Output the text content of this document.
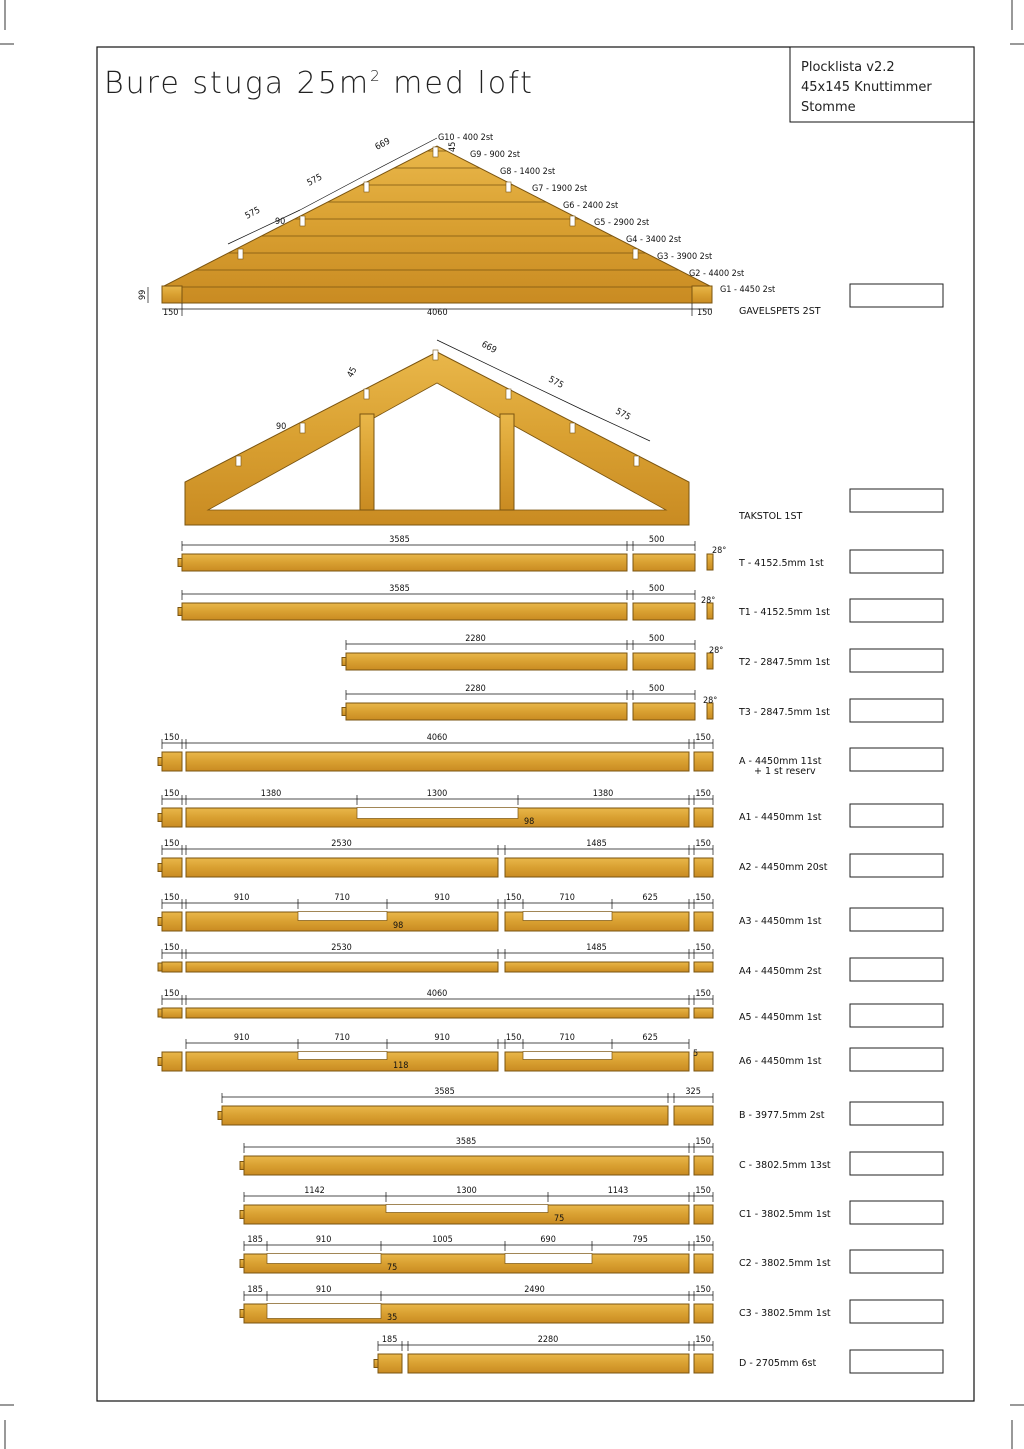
Bure stuga $25m^2$ med loft	Plocklista v2.2
45x145 Knuttimmer
Stomme
669
575
575
90
45
99
150	4060	150
G10 - 400 2st
G9 - 900 2st
G8 - 1400 2st
G7 - 1900 2st
G6 - 2400 2st
G5 - 2900 2st
G4 - 3400 2st
G3 - 3900 2st
G2 - 4400 2st
G1 - 4450 2st
GAVELSPETS 2ST
669
575
575
90
45
TAKSTOL 1ST
3585	500
28°
T - 4152.5mm 1st
3585	500
28°
T1 - 4152.5mm 1st
2280	500
28°
T2 - 2847.5mm 1st
2280	500
28°
T3 - 2847.5mm 1st
150	4060	150
A - 4450mm 11st
+ 1 st reserv
150	1380	1300	1380	150
98	A1 - 4450mm 1st
150	2530	1485	150
A2 - 4450mm 20st
150	910	710	910	150	710	625	150
98	A3 - 4450mm 1st
150	2530	1485	150
A4 - 4450mm 2st
150	4060	150
A5 - 4450mm 1st
910	710	910	150	710	625
118
5
A6 - 4450mm 1st
3585	325
B - 3977.5mm 2st
3585	150
C - 3802.5mm 13st
1142	1300	1143	150
75	C1 - 3802.5mm 1st
185	910	1005	690	795	150
75	C2 - 3802.5mm 1st
185	910	2490	150
35	C3 - 3802.5mm 1st
185	2280	150
D - 2705mm 6st
